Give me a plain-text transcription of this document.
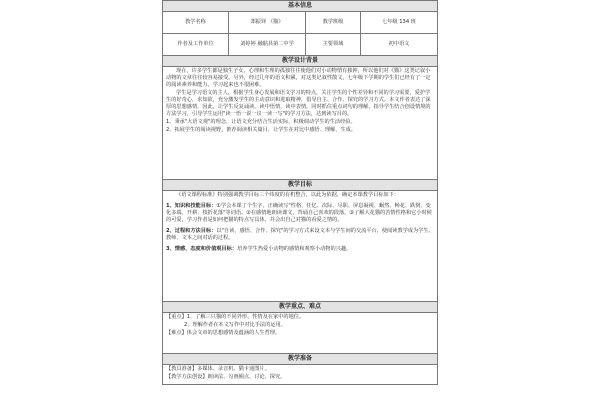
基本信息			
教学名称	郑振铎 《猫》	教学班级	七年级 134 班
作者及工作单位	刘婷婷 融骷县第二中学	主要领域	初中语文
教学设计背景			

现在，许多学生都是独生子女，心理和生理的孤独往往使他们对小动物情有独钟，所以他们对《猫》这类记叙小动物的文章往往较容易接受。另外，经过几年的语文积累，对这类记叙性散文，七年级下学期的学生们已经有了一定的阅读素养和能力，学习起来也不很困难。

学生是学习语文的主人，根据学生身心发展和语文学习的特点，关注学生的个性差异和不同的学习需要，爱护学生的好奇心，求知欲，充分激发学生的主动意识和进取精神，倡导自主、合作、探究的学习方式。本文作者表达了深厚的思想感情，因此，让学生反复诵读，读中悟情，读中表情，同时抓住重点词句的理解，指导学生结合创设情境的方法学习，引导学生运用"读一悟一说一议一读一写"的学习方法，达到读写目的。

1、秉承"大语文观"的理念，让语文充分结合生活实际，积极调动学生的生活经验。

2、拓展学生的阅读视野，推荐阅读相关篇目，让学生在对比中感悟、理解、生成。			

教学目标			

《语文课程标准》特别强调教学目标三个纬度的有机整合，以此为依据，确定本课教学目标如下：

1、知识和技能目标：①学会本课了个生字，正确读写"性格、任忆、次际、尽职、屏息凝视、蜗然、畅花、跌倒、变化多端、开耕、枝折花落"等词语。②在感情地朗读课文，背诵自己喜欢的段落。③了解大花猫的苦情性格和它小时候的可爱，学习作者是如何把猫的特点写具体，并会出自己对猫的看爱之情的。

2、过程和方法目标：以"自读、感悟、合作、探究"的学习方式来设文本与学生间的交流平台，使阅读教学成为学生、教师、文本之间对话的过程。

3、情感、态度和价值观目标：培养学生热爱小动物的感情和观察小动物的兴趣。			

教学重点、难点			

【重点】1、了解三只猫的不同外形、性情及在家中的地位。

2、理解作者在本文写作中对比手法的运用。

【难点】体会文章的思想感情及蕴涵的人生哲理。			

教学准备			

【教具准备】多媒体、录音机、猫卡通图片。

【教学方法创设】朗读法、勾画圈点、讨论、探究。			
